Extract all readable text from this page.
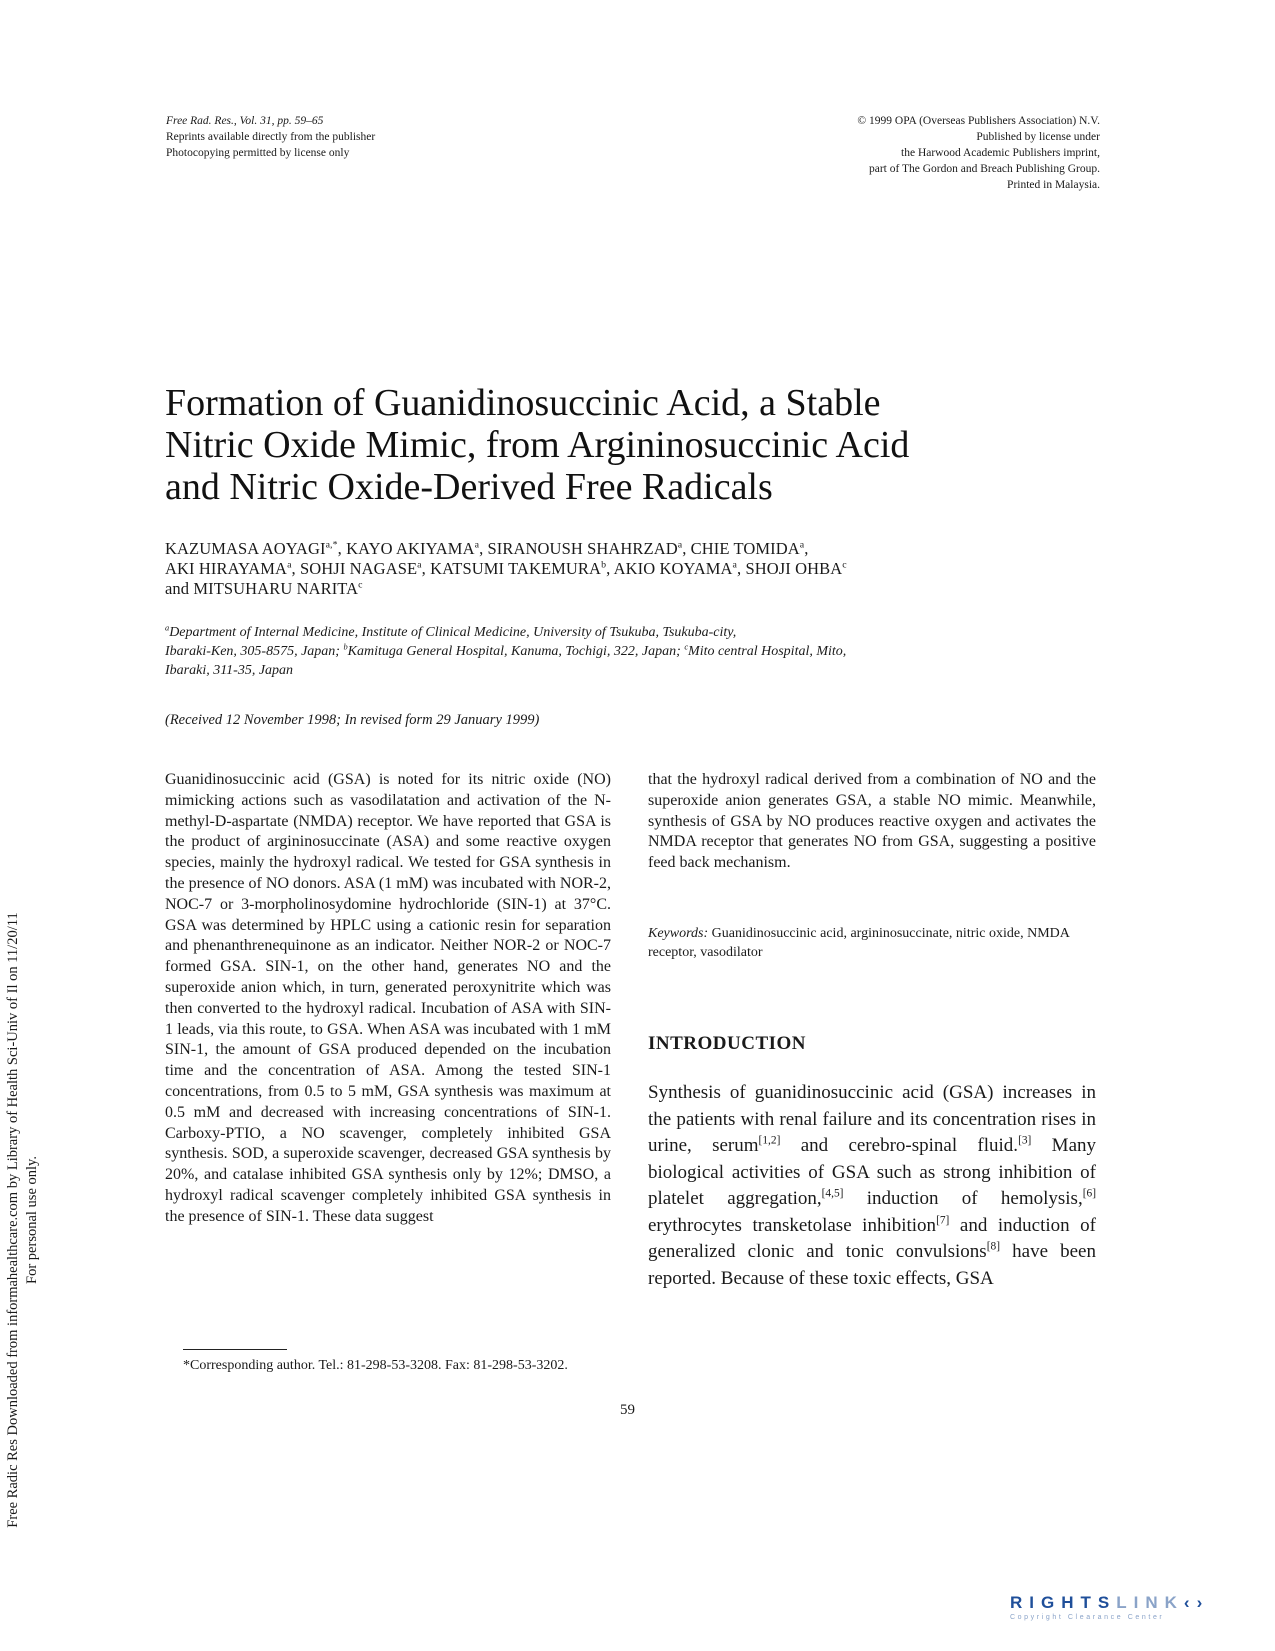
Free Rad. Res., Vol. 31, pp. 59–65
Reprints available directly from the publisher
Photocopying permitted by license only
© 1999 OPA (Overseas Publishers Association) N.V.
Published by license under
the Harwood Academic Publishers imprint,
part of The Gordon and Breach Publishing Group.
Printed in Malaysia.
Free Radic Res Downloaded from informahealthcare.com by Library of Health Sci-Univ of Il on 11/20/11 For personal use only.
Formation of Guanidinosuccinic Acid, a Stable
Nitric Oxide Mimic, from Argininosuccinic Acid
and Nitric Oxide-Derived Free Radicals
KAZUMASA $AOYAGI^{a,*}$, KAYO AKIYAMA$^a$, SIRANOUSH SHAHRZAD$^a$, CHIE TOMIDA$^a$,
AKI HIRAYAMA$^a$, SOHJI NAGASE$^a$, KATSUMI TAKEMURA$^b$, AKIO KOYAMA$^a$, SHOJI OHBA$^c$
and MITSUHARU NARITA$^c$
$^a$Department of Internal Medicine, Institute of Clinical Medicine, University of Tsukuba, Tsukuba-city,
Ibaraki-Ken, 305-8575, Japan; $^b$Kamituga General Hospital, Kanuma, Tochigi, 322, Japan; $^c$Mito central Hospital, Mito,
Ibaraki, 311-35, Japan
(Received 12 November 1998; In revised form 29 January 1999)
Guanidinosuccinic acid (GSA) is noted for its nitric oxide (NO) mimicking actions such as vasodilatation and activation of the N-methyl-D-aspartate (NMDA) receptor. We have reported that GSA is the product of argininosuccinate (ASA) and some reactive oxygen species, mainly the hydroxyl radical. We tested for GSA synthesis in the presence of NO donors. ASA (1 mM) was incubated with NOR-2, NOC-7 or 3-morpholinosydomine hydrochloride (SIN-1) at 37°C. GSA was determined by HPLC using a cationic resin for separation and phenanthrenequinone as an indicator. Neither NOR-2 or NOC-7 formed GSA. SIN-1, on the other hand, generates NO and the superoxide anion which, in turn, generated peroxynitrite which was then converted to the hydroxyl radical. Incubation of ASA with SIN-1 leads, via this route, to GSA. When ASA was incubated with 1 mM SIN-1, the amount of GSA produced depended on the incubation time and the concentration of ASA. Among the tested SIN-1 concentrations, from 0.5 to 5 mM, GSA synthesis was maximum at 0.5 mM and decreased with increasing concentrations of SIN-1. Carboxy-PTIO, a NO scavenger, completely inhibited GSA synthesis. SOD, a superoxide scavenger, decreased GSA synthesis by 20%, and catalase inhibited GSA synthesis only by 12%; DMSO, a hydroxyl radical scavenger completely inhibited GSA synthesis in the presence of SIN-1. These data suggest
that the hydroxyl radical derived from a combination of NO and the superoxide anion generates GSA, a stable NO mimic. Meanwhile, synthesis of GSA by NO produces reactive oxygen and activates the NMDA receptor that generates NO from GSA, suggesting a positive feed back mechanism.
Keywords: Guanidinosuccinic acid, argininosuccinate, nitric oxide, NMDA receptor, vasodilator
INTRODUCTION
Synthesis of guanidinosuccinic acid (GSA) increases in the patients with renal failure and its concentration rises in urine, serum[1,2] and cerebro-spinal fluid.[3] Many biological activities of GSA such as strong inhibition of platelet aggregation,[4,5] induction of hemolysis,[6] erythrocytes transketolase inhibition[7] and induction of generalized clonic and tonic convulsions[8] have been reported. Because of these toxic effects, GSA
*Corresponding author. Tel.: 81-298-53-3208. Fax: 81-298-53-3202.
59
RIGHTSLINK‹›
Copyright Clearance Center
